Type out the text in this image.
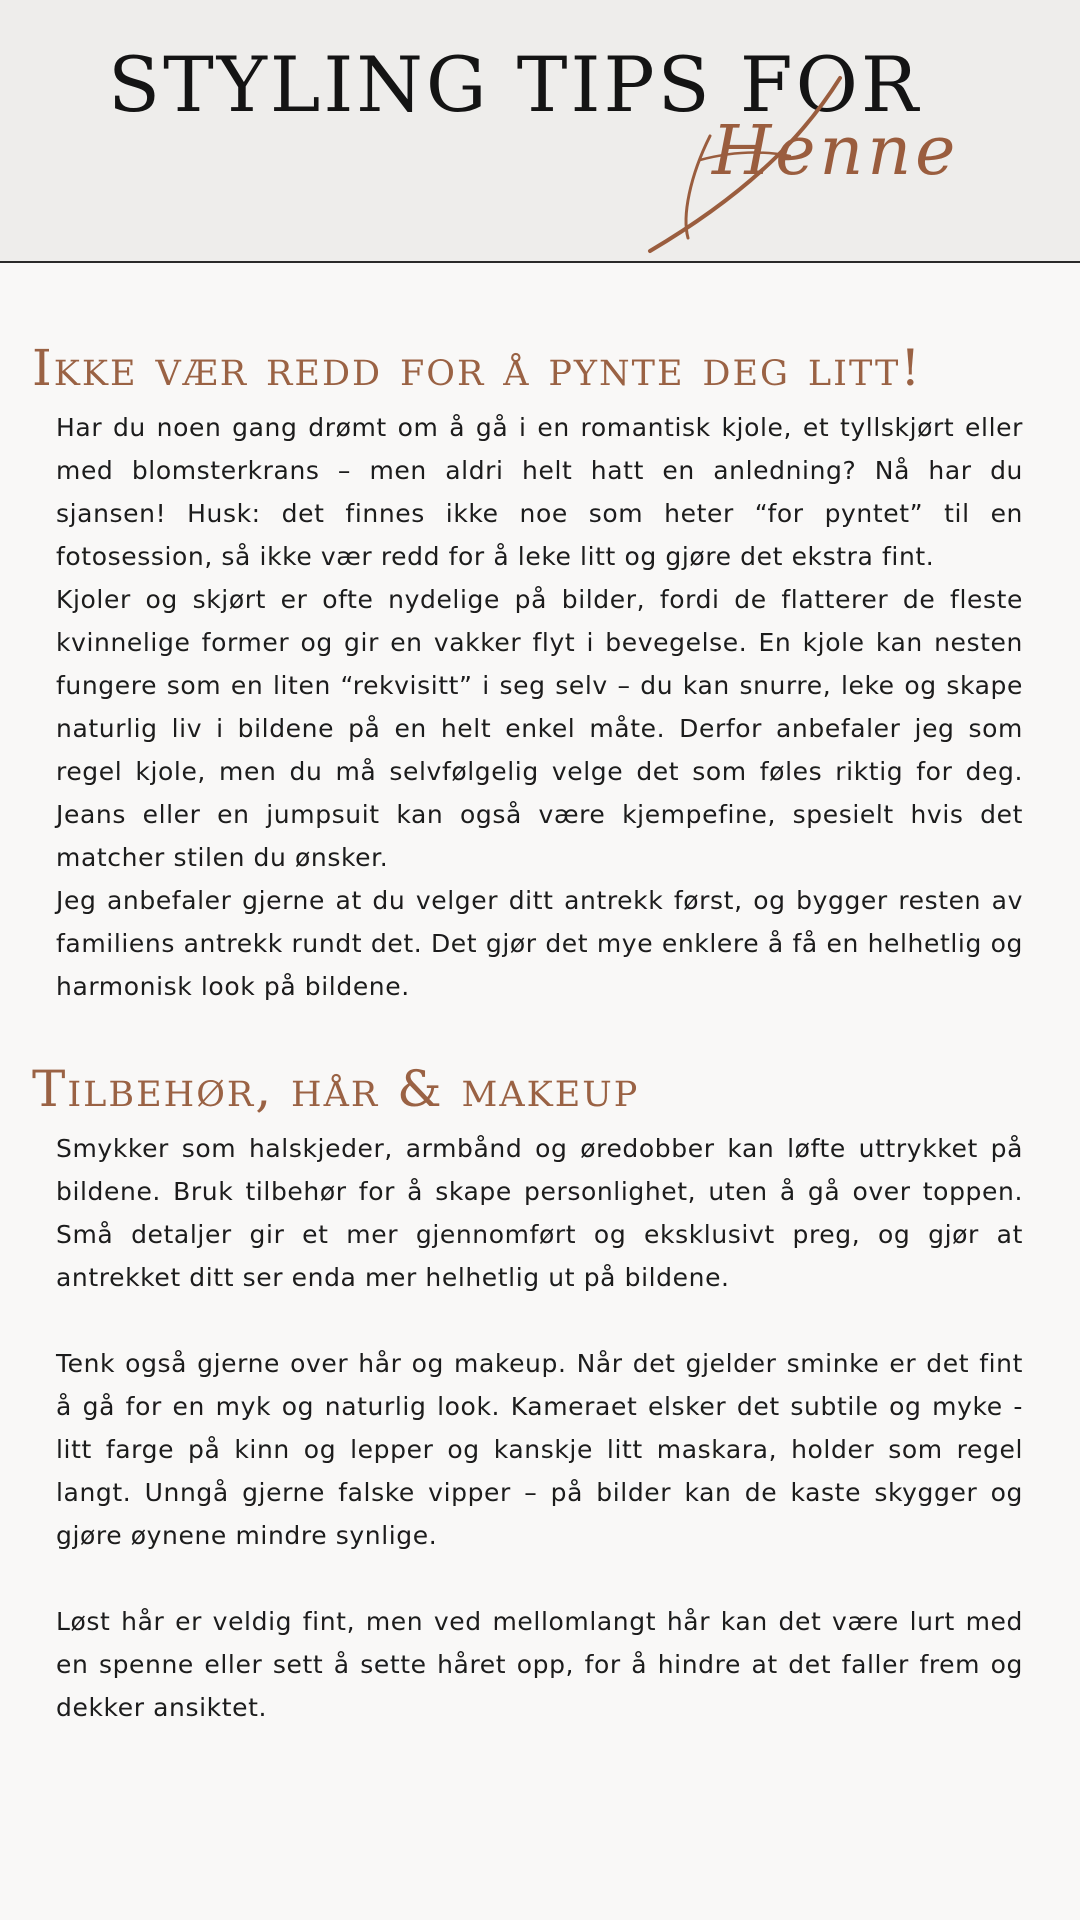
STYLING TIPS FOR
Henne
Ikke vær redd for å pynte deg litt!

Har du noen gang drømt om å gå i en romantisk kjole, et tyllskjørt eller med blomsterkrans – men aldri helt hatt en anledning? Nå har du sjansen! Husk: det finnes ikke noe som heter “for pyntet” til en fotosession, så ikke vær redd for å leke litt og gjøre det ekstra fint.

Kjoler og skjørt er ofte nydelige på bilder, fordi de flatterer de fleste kvinnelige former og gir en vakker flyt i bevegelse. En kjole kan nesten fungere som en liten “rekvisitt” i seg selv – du kan snurre, leke og skape naturlig liv i bildene på en helt enkel måte. Derfor anbefaler jeg som regel kjole, men du må selvfølgelig velge det som føles riktig for deg. Jeans eller en jumpsuit kan også være kjempefine, spesielt hvis det matcher stilen du ønsker.

Jeg anbefaler gjerne at du velger ditt antrekk først, og bygger resten av familiens antrekk rundt det. Det gjør det mye enklere å få en helhetlig og harmonisk look på bildene.

Tilbehør, hår & makeup

Smykker som halskjeder, armbånd og øredobber kan løfte uttrykket på bildene. Bruk tilbehør for å skape personlighet, uten å gå over toppen. Små detaljer gir et mer gjennomført og eksklusivt preg, og gjør at antrekket ditt ser enda mer helhetlig ut på bildene.

Tenk også gjerne over hår og makeup. Når det gjelder sminke er det fint å gå for en myk og naturlig look. Kameraet elsker det subtile og myke - litt farge på kinn og lepper og kanskje litt maskara, holder som regel langt. Unngå gjerne falske vipper – på bilder kan de kaste skygger og gjøre øynene mindre synlige.

Løst hår er veldig fint, men ved mellomlangt hår kan det være lurt med en spenne eller sett å sette håret opp, for å hindre at det faller frem og dekker ansiktet.
